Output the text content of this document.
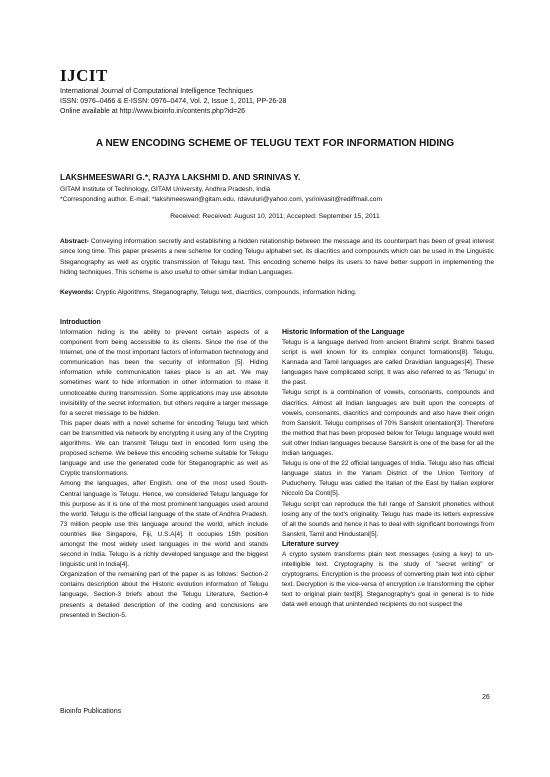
IJCIT
International Journal of Computational Intelligence Techniques
ISSN: 0976–0466 & E-ISSN: 0976–0474, Vol. 2, Issue 1, 2011, PP-26-28
Online available at http://www.bioinfo.in/contents.php?id=26
A NEW ENCODING SCHEME OF TELUGU TEXT FOR INFORMATION HIDING
LAKSHMEESWARI G.*, RAJYA LAKSHMI D. AND SRINIVAS Y.
GITAM Institute of Technology, GITAM University, Andhra Pradesh, India
*Corresponding author. E-mail: *lakshmeeswari@gitam.edu, rdavuluri@yahoo.com, ysrinivasit@rediffmail.com
Received: Received: August 10, 2011; Accepted: September 15, 2011
Abstract- Conveying information secretly and establishing a hidden relationship between the message and its counterpart has been of great interest since long time. This paper presents a new scheme for coding Telugu alphabet set, its diacritics and compounds which can be used in the Linguistic Steganography as well as cryptic transmission of Telugu text. This encoding scheme helps its users to have better support in implementing the hiding techniques. This scheme is also useful to other similar Indian Languages.
Keywords: Cryptic Algorithms, Steganography, Telugu text, diacritics, compounds, information hiding.

Introduction

Information hiding is the ability to prevent certain aspects of a component from being accessible to its clients. Since the rise of the Internet, one of the most important factors of information technology and communication has been the security of information [5]. Hiding information while communication takes place is an art. We may sometimes want to hide information in other information to make it unnoticeable during transmission. Some applications may use absolute invisibility of the secret information, but others require a larger message for a secret message to be hidden.

This paper deals with a novel scheme for encoding Telugu text which can be transmitted via network by encrypting it using any of the Crypting algorithms. We can transmit Telugu text in encoded form using the proposed scheme. We believe this encoding scheme suitable for Telugu language and use the generated code for Steganographic as well as Cryptic transformations.

Among the languages, after English, one of the most used South-Central language is Telugu. Hence, we considered Telugu language for this purpose as it is one of the most prominent languages used around the world. Telugu is the official language of the state of Andhra Pradesh. 73 million people use this language around the world, which include countries like Singapore, Fiji, U.S.A[4]. It occupies 15th position amongst the most widely used languages in the world and stands second in India. Telugu is a richly developed language and the biggest linguistic unit in India[4].

Organization of the remaining part of the paper is as follows: Section-2 contains description about the Historic evolution information of Telugu language, Section-3 briefs about the Telugu Literature, Section-4 presents a detailed description of the coding and conclusions are presented in Section-5.

Historic Information of the Language

Telugu is a language derived from ancient Brahmi script. Brahmi based script is well known for its complex conjunct formations[8]. Telugu, Kannada and Tamil languages are called Dravidian languages[4]. These languages have complicated script. It was also referred to as 'Tenugu' in the past.

Telugu script is a combination of vowels, consonants, compounds and diacritics. Almost all Indian languages are built upon the concepts of vowels, consonants, diacritics and compounds and also have their origin from Sanskrit. Telugu comprises of 70% Sanskrit orientation[3]. Therefore the method that has been proposed below for Telugu language would well suit other Indian languages because Sanskrit is one of the base for all the Indian languages.

Telugu is one of the 22 official languages of India. Telugu also has official language status in the Yanam District of the Union Territory of Puducherry. Telugu was called the Italian of the East by Italian explorer Niccolò Da Conti[5].

Telugu script can reproduce the full range of Sanskrit phonetics without losing any of the text's originality. Telugu has made its letters expressive of all the sounds and hence it has to deal with significant borrowings from Sanskrit, Tamil and Hindustani[5].

Literature survey

A crypto system transforms plain text messages (using a key) to un-intelligible text. Cryptography is the study of "secret writing" or cryptograms. Encryption is the process of converting plain text into cipher text. Decryption is the vice-versa of encryption i.e transforming the cipher text to original plain text[8]. Steganography's goal in general is to hide data well enough that unintended recipients do not suspect the

26
Bioinfo Publications
